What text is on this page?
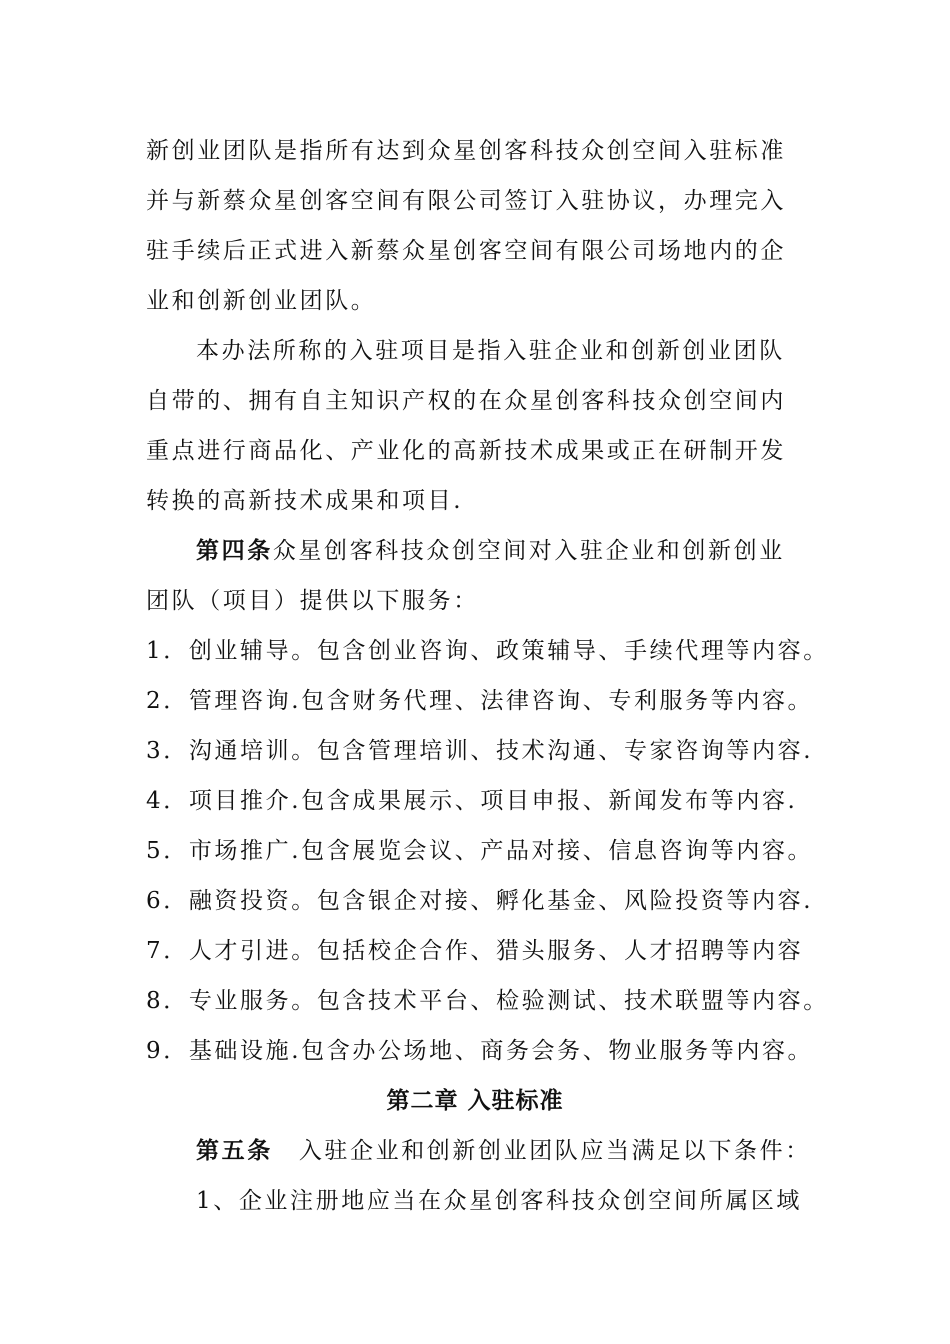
新创业团队是指所有达到众星创客科技众创空间入驻标准
并与新蔡众星创客空间有限公司签订入驻协议，办理完入
驻手续后正式进入新蔡众星创客空间有限公司场地内的企
业和创新创业团队。
本办法所称的入驻项目是指入驻企业和创新创业团队
自带的、拥有自主知识产权的在众星创客科技众创空间内
重点进行商品化、产业化的高新技术成果或正在研制开发
转换的高新技术成果和项目.
第四条众星创客科技众创空间对入驻企业和创新创业
团队（项目）提供以下服务：
1．创业辅导。包含创业咨询、政策辅导、手续代理等内容。
2．管理咨询.包含财务代理、法律咨询、专利服务等内容。
3．沟通培训。包含管理培训、技术沟通、专家咨询等内容.
4．项目推介.包含成果展示、项目申报、新闻发布等内容.
5．市场推广.包含展览会议、产品对接、信息咨询等内容。
6．融资投资。包含银企对接、孵化基金、风险投资等内容.
7．人才引进。包括校企合作、猎头服务、人才招聘等内容
8．专业服务。包含技术平台、检验测试、技术联盟等内容。
9．基础设施.包含办公场地、商务会务、物业服务等内容。
第二章 入驻标准
第五条 入驻企业和创新创业团队应当满足以下条件：
1、企业注册地应当在众星创客科技众创空间所属区域
